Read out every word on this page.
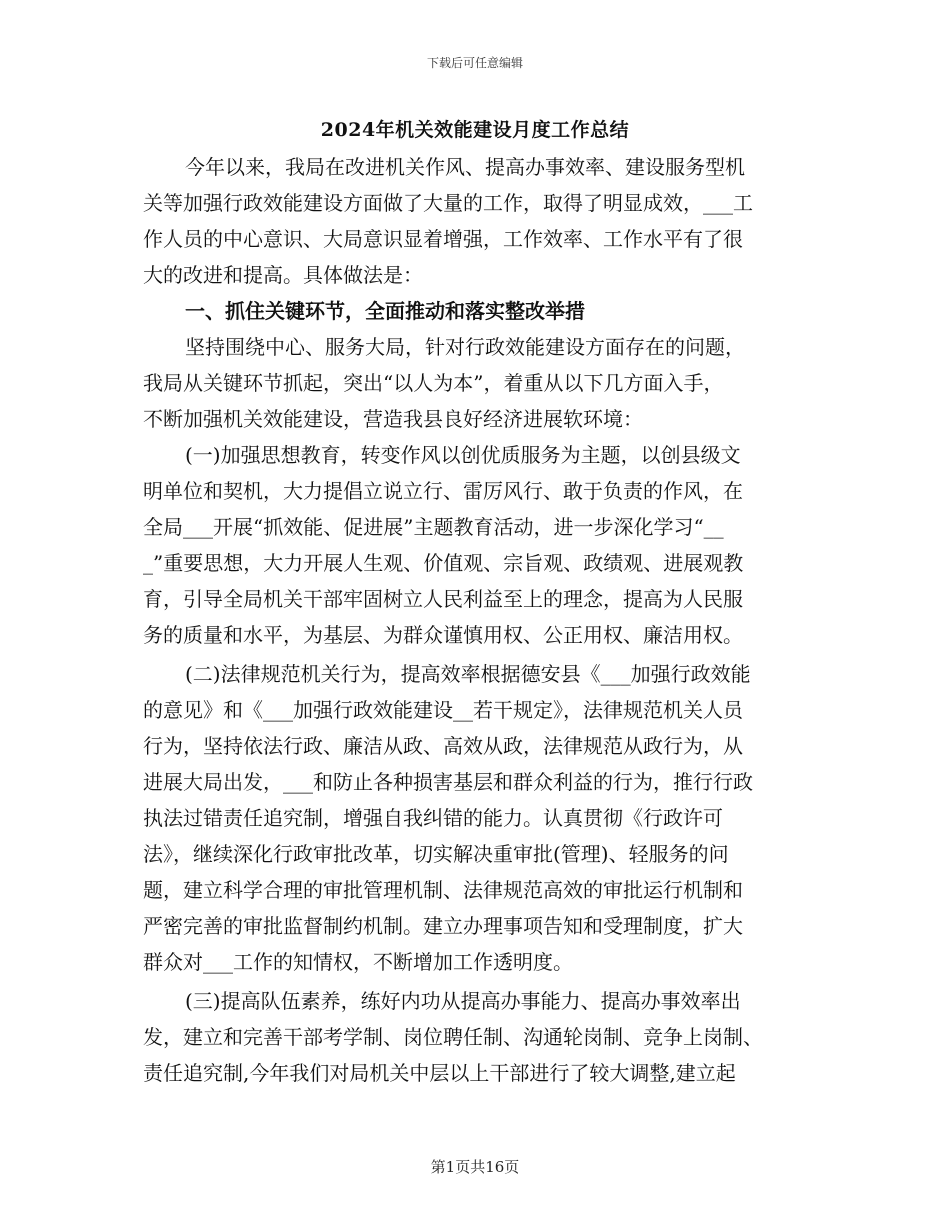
下载后可任意编辑
2024年机关效能建设月度工作总结
今年以来，我局在改进机关作风、提高办事效率、建设服务型机
关等加强行政效能建设方面做了大量的工作，取得了明显成效，___工
作人员的中心意识、大局意识显着增强，工作效率、工作水平有了很
大的改进和提高。具体做法是：
一、抓住关键环节，全面推动和落实整改举措
坚持围绕中心、服务大局，针对行政效能建设方面存在的问题，
我局从关键环节抓起，突出“以人为本”，着重从以下几方面入手，
不断加强机关效能建设，营造我县良好经济进展软环境：
(一)加强思想教育，转变作风以创优质服务为主题，以创县级文
明单位和契机，大力提倡立说立行、雷厉风行、敢于负责的作风，在
全局___开展“抓效能、促进展”主题教育活动，进一步深化学习“__
_”重要思想，大力开展人生观、价值观、宗旨观、政绩观、进展观教
育，引导全局机关干部牢固树立人民利益至上的理念，提高为人民服
务的质量和水平，为基层、为群众谨慎用权、公正用权、廉洁用权。
(二)法律规范机关行为，提高效率根据德安县《___加强行政效能
的意见》和《___加强行政效能建设__若干规定》，法律规范机关人员
行为，坚持依法行政、廉洁从政、高效从政，法律规范从政行为，从
进展大局出发，___和防止各种损害基层和群众利益的行为，推行行政
执法过错责任追究制，增强自我纠错的能力。认真贯彻《行政许可
法》，继续深化行政审批改革，切实解决重审批(管理)、轻服务的问
题，建立科学合理的审批管理机制、法律规范高效的审批运行机制和
严密完善的审批监督制约机制。建立办理事项告知和受理制度，扩大
群众对___工作的知情权，不断增加工作透明度。
(三)提高队伍素养，练好内功从提高办事能力、提高办事效率出
发，建立和完善干部考学制、岗位聘任制、沟通轮岗制、竞争上岗制、
责任追究制,今年我们对局机关中层以上干部进行了较大调整,建立起
第1页共16页
